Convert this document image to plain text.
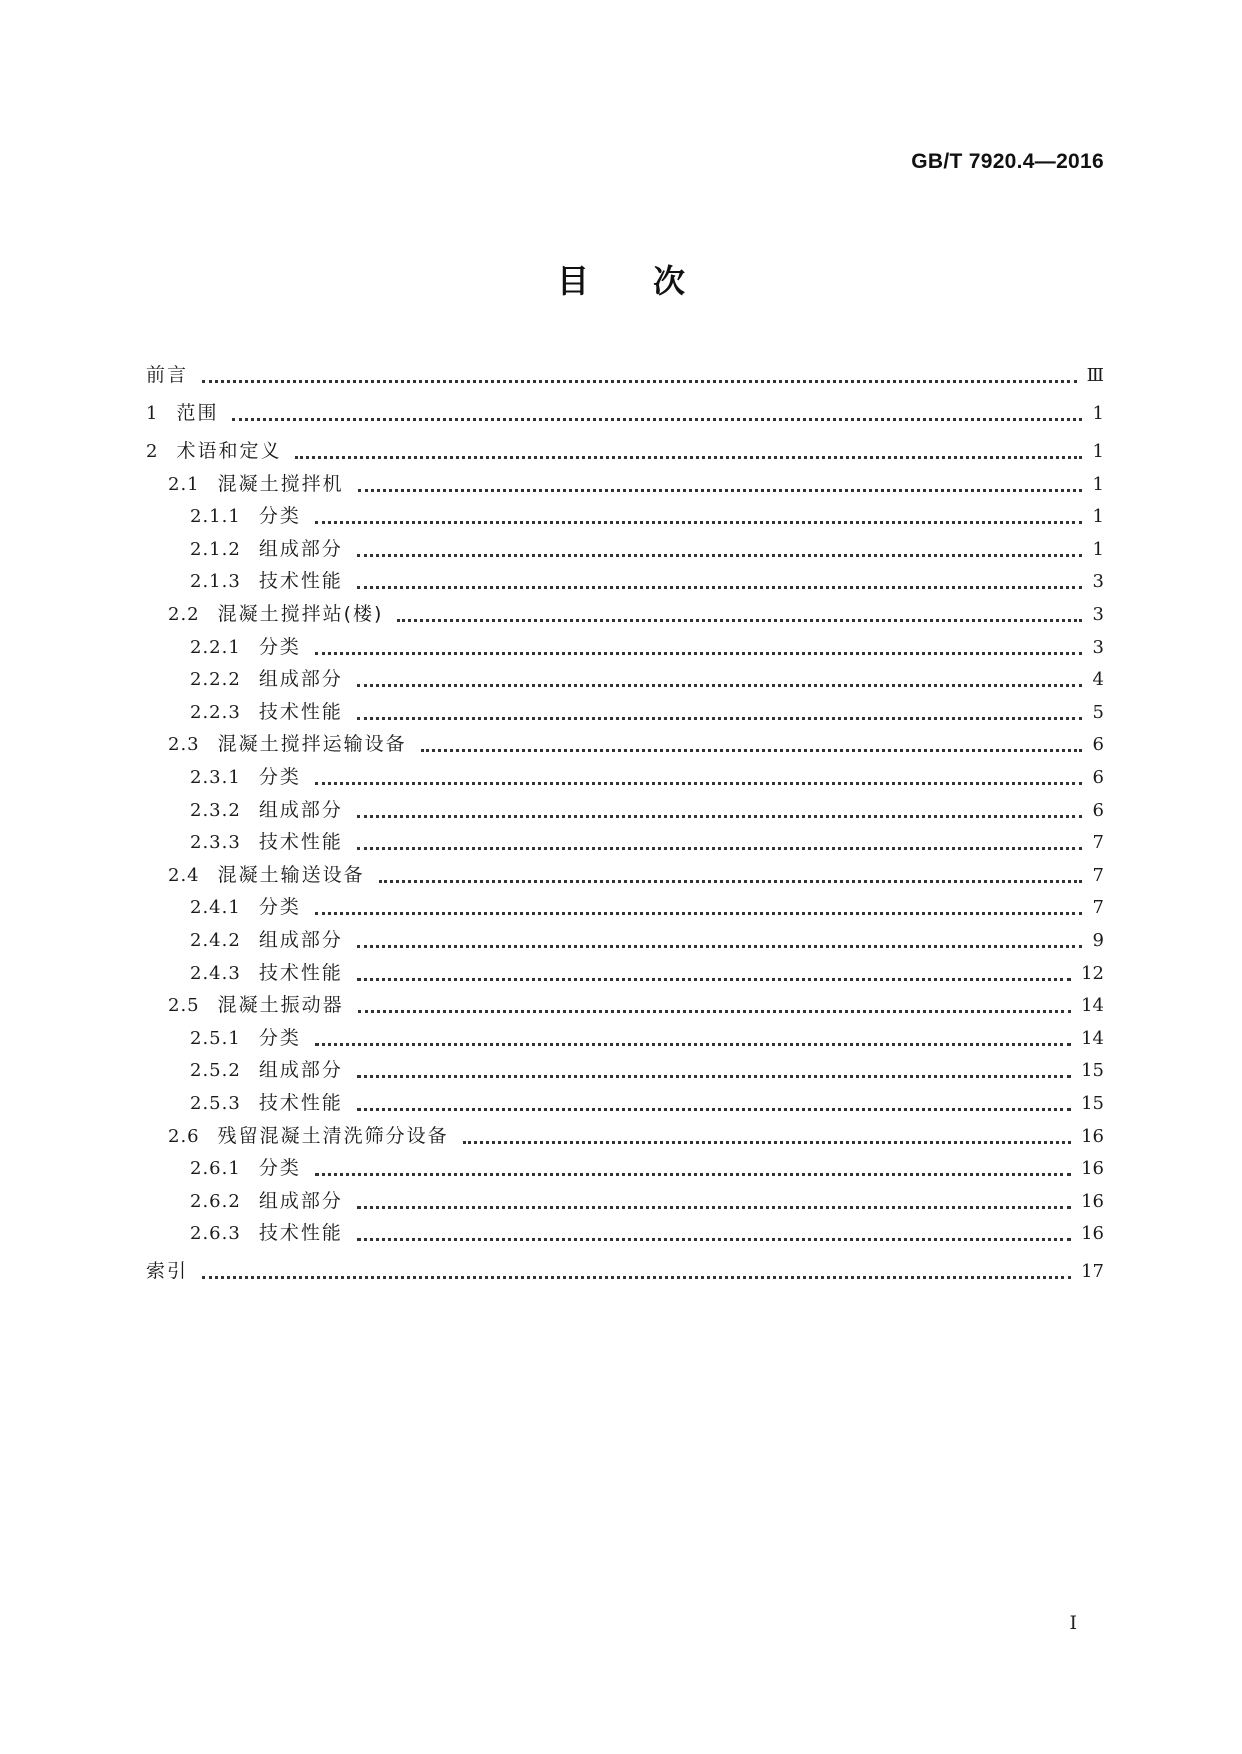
GB/T 7920.4—2016
目次
前言	Ⅲ
1 范围	1
2 术语和定义	1
2.1 混凝土搅拌机	1
2.1.1 分类	1
2.1.2 组成部分	1
2.1.3 技术性能	3
2.2 混凝土搅拌站(楼)	3
2.2.1 分类	3
2.2.2 组成部分	4
2.2.3 技术性能	5
2.3 混凝土搅拌运输设备	6
2.3.1 分类	6
2.3.2 组成部分	6
2.3.3 技术性能	7
2.4 混凝土输送设备	7
2.4.1 分类	7
2.4.2 组成部分	9
2.4.3 技术性能	12
2.5 混凝土振动器	14
2.5.1 分类	14
2.5.2 组成部分	15
2.5.3 技术性能	15
2.6 残留混凝土清洗筛分设备	16
2.6.1 分类	16
2.6.2 组成部分	16
2.6.3 技术性能	16
索引	17
I
